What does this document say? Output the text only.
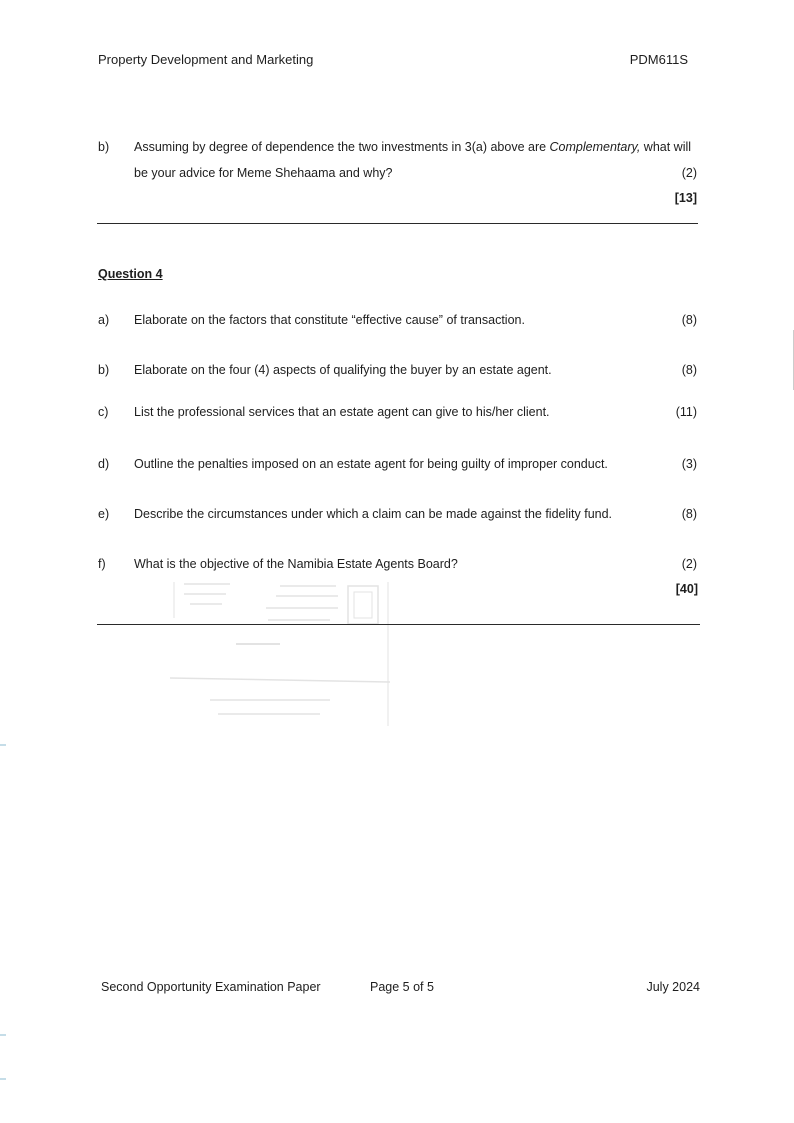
Property Development and Marketing	PDM611S
b) Assuming by degree of dependence the two investments in 3(a) above are Complementary, what will
be your advice for Meme Shehaama and why?	(2)
[13]
Question 4
a) Elaborate on the factors that constitute “effective cause” of transaction.	(8)
b) Elaborate on the four (4) aspects of qualifying the buyer by an estate agent.	(8)
c) List the professional services that an estate agent can give to his/her client.	(11)
d) Outline the penalties imposed on an estate agent for being guilty of improper conduct.	(3)
e) Describe the circumstances under which a claim can be made against the fidelity fund.	(8)
f) What is the objective of the Namibia Estate Agents Board?	(2)
[40]
Second Opportunity Examination Paper	Page 5 of 5	July 2024
